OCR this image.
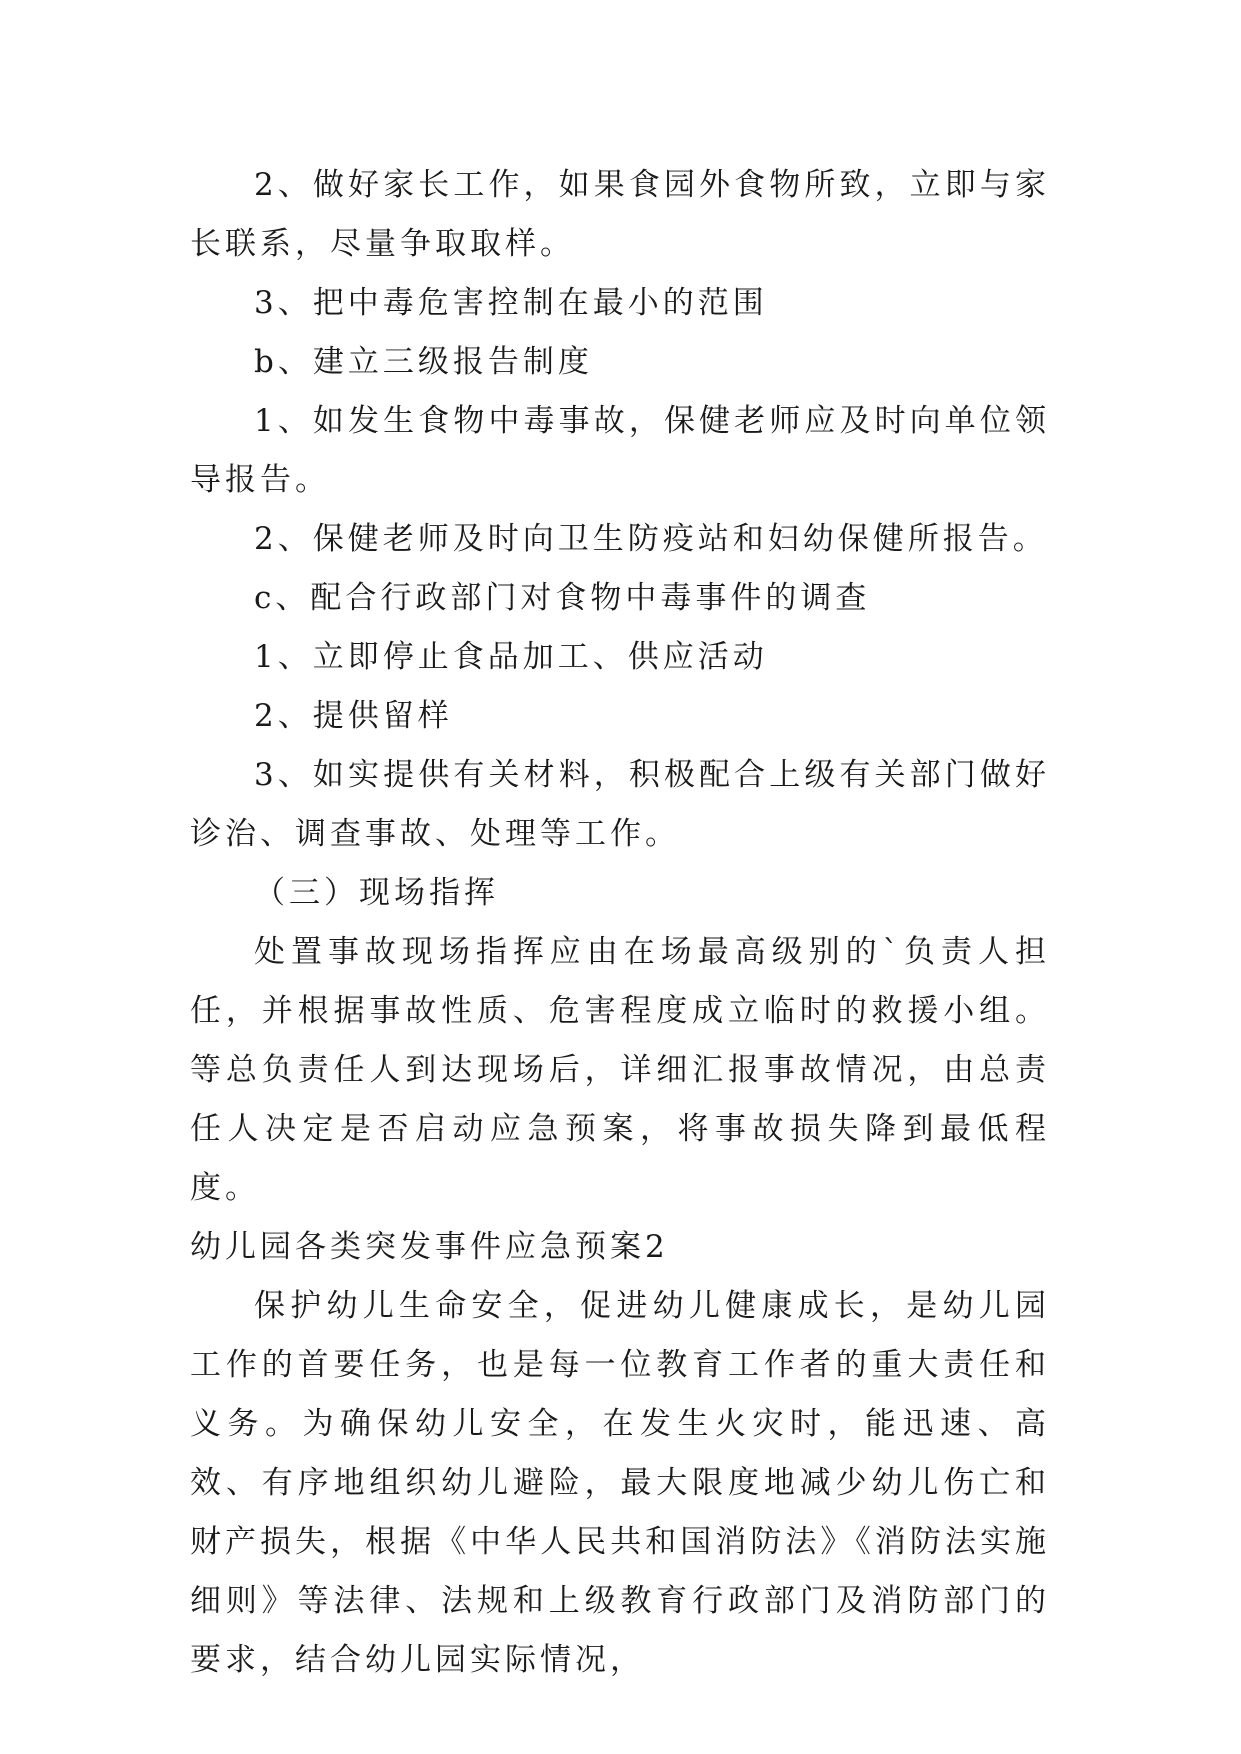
2、做好家长工作，如果食园外食物所致，立即与家长联系，尽量争取取样。

3、把中毒危害控制在最小的范围

b、建立三级报告制度

1、如发生食物中毒事故，保健老师应及时向单位领导报告。

2、保健老师及时向卫生防疫站和妇幼保健所报告。

c、配合行政部门对食物中毒事件的调查

1、立即停止食品加工、供应活动

2、提供留样

3、如实提供有关材料，积极配合上级有关部门做好诊治、调查事故、处理等工作。

（三）现场指挥

处置事故现场指挥应由在场最高级别的`负责人担任，并根据事故性质、危害程度成立临时的救援小组。等总负责任人到达现场后，详细汇报事故情况，由总责任人决定是否启动应急预案，将事故损失降到最低程度。

幼儿园各类突发事件应急预案2

保护幼儿生命安全，促进幼儿健康成长，是幼儿园工作的首要任务，也是每一位教育工作者的重大责任和义务。为确保幼儿安全，在发生火灾时，能迅速、高效、有序地组织幼儿避险，最大限度地减少幼儿伤亡和财产损失，根据《中华人民共和国消防法》《消防法实施细则》等法律、法规和上级教育行政部门及消防部门的要求，结合幼儿园实际情况，
